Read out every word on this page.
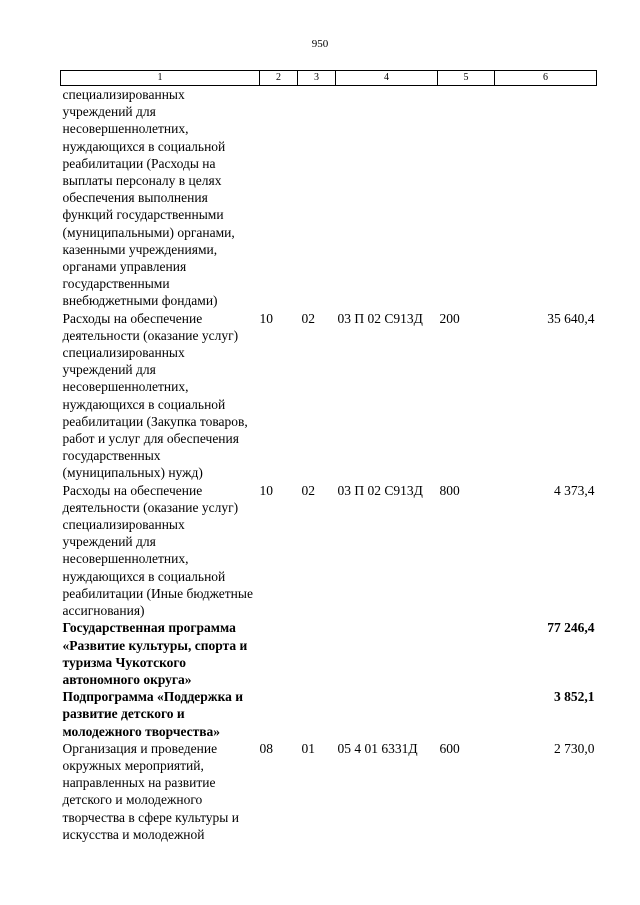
950
1	2	3	4	5	6
специализированных учреждений для несовершеннолетних, нуждающихся в социальной реабилитации (Расходы на выплаты персоналу в целях обеспечения выполнения функций государственными (муниципальными) органами, казенными учреждениями, органами управления государственными внебюджетными фондами)					
Расходы на обеспечение деятельности (оказание услуг) специализированных учреждений для несовершеннолетних, нуждающихся в социальной реабилитации (Закупка товаров, работ и услуг для обеспечения государственных (муниципальных) нужд)	10	02	03 П 02 С913Д	200	35 640,4
Расходы на обеспечение деятельности (оказание услуг) специализированных учреждений для несовершеннолетних, нуждающихся в социальной реабилитации (Иные бюджетные ассигнования)	10	02	03 П 02 С913Д	800	4 373,4
Государственная программа «Развитие культуры, спорта и туризма Чукотского автономного округа»					77 246,4
Подпрограмма «Поддержка и развитие детского и молодежного творчества»					3 852,1
Организация и проведение окружных мероприятий, направленных на развитие детского и молодежного творчества в сфере культуры и искусства и молодежной	08	01	05 4 01 6331Д	600	2 730,0
